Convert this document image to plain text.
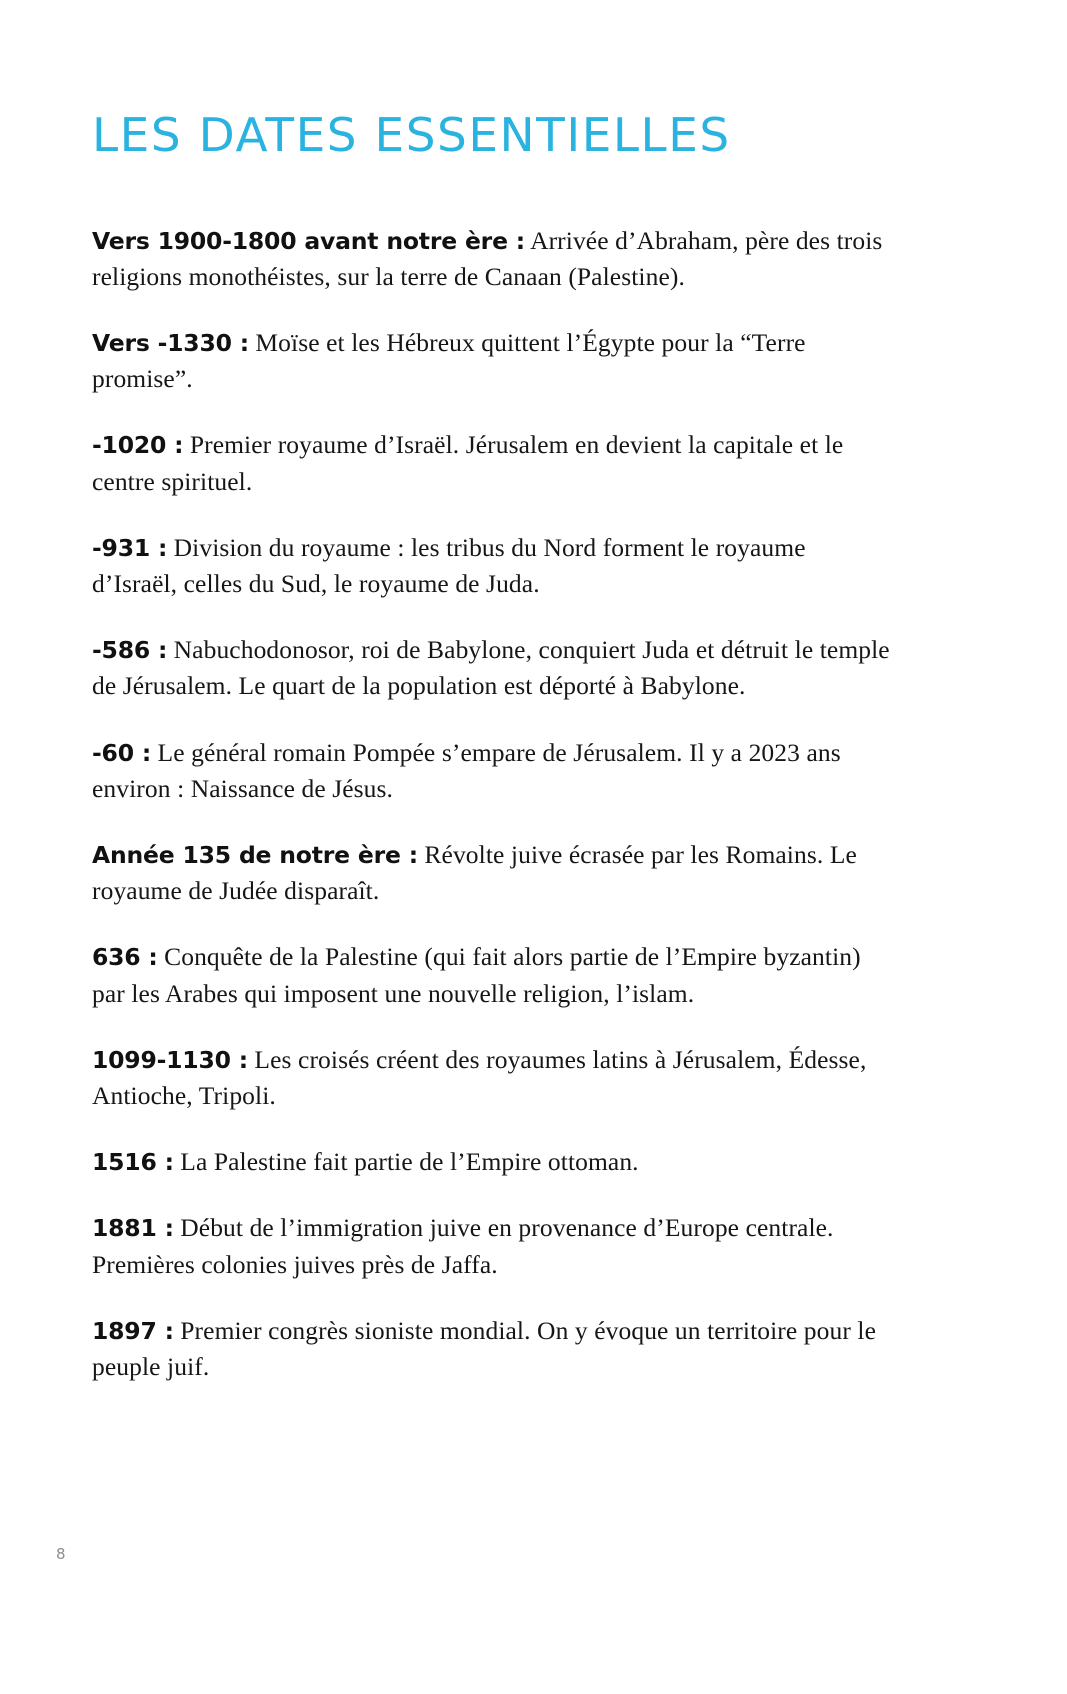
LES DATES ESSENTIELLES

Vers 1900-1800 avant notre ère : Arrivée d’Abraham, père des trois religions monothéistes, sur la terre de Canaan (Palestine).

Vers -1330 : Moïse et les Hébreux quittent l’Égypte pour la “Terre promise”.

-1020 : Premier royaume d’Israël. Jérusalem en devient la capitale et le centre spirituel.

-931 : Division du royaume : les tribus du Nord forment le royaume d’Israël, celles du Sud, le royaume de Juda.

-586 : Nabuchodonosor, roi de Babylone, conquiert Juda et détruit le temple de Jérusalem. Le quart de la population est déporté à Babylone.

-60 : Le général romain Pompée s’empare de Jérusalem. Il y a 2023 ans environ : Naissance de Jésus.

Année 135 de notre ère : Révolte juive écrasée par les Romains. Le royaume de Judée disparaît.

636 : Conquête de la Palestine (qui fait alors partie de l’Empire byzantin) par les Arabes qui imposent une nouvelle religion, l’islam.

1099-1130 : Les croisés créent des royaumes latins à Jérusalem, Édesse, Antioche, Tripoli.

1516 : La Palestine fait partie de l’Empire ottoman.

1881 : Début de l’immigration juive en provenance d’Europe centrale. Premières colonies juives près de Jaffa.

1897 : Premier congrès sioniste mondial. On y évoque un territoire pour le peuple juif.

8
